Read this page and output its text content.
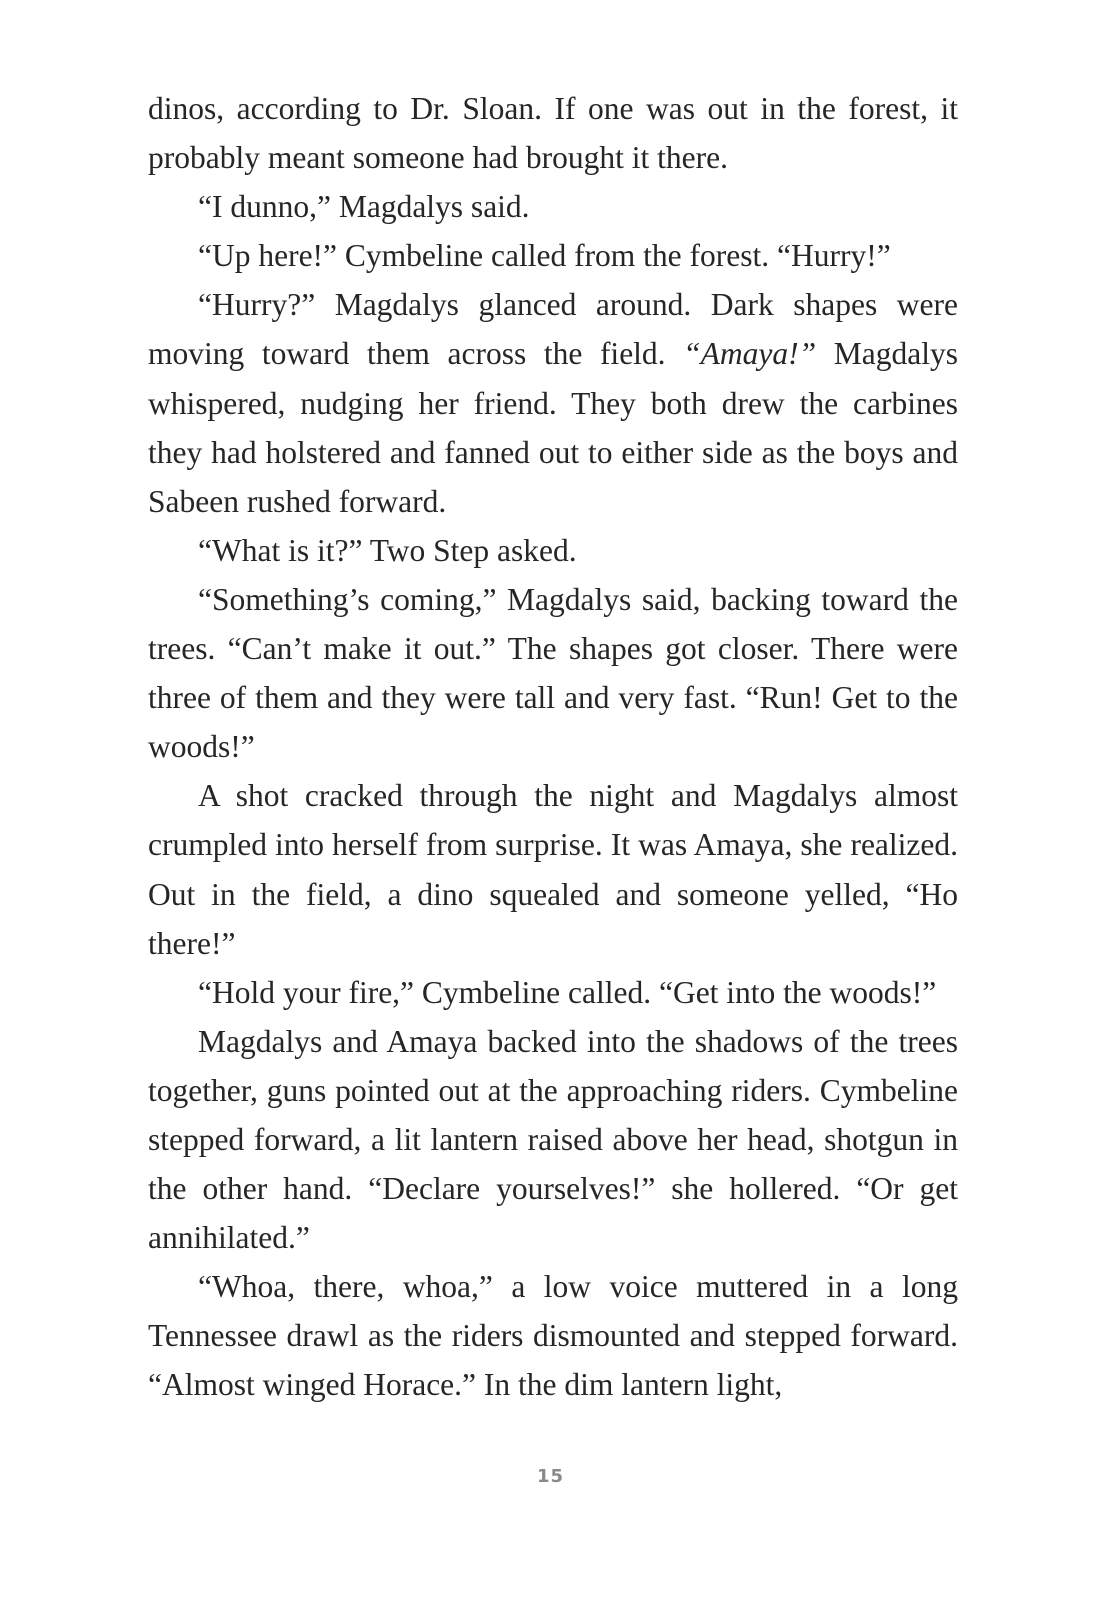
dinos, according to Dr. Sloan. If one was out in the forest, it probably meant someone had brought it there.

“I dunno,” Magdalys said.

“Up here!” Cymbeline called from the forest. “Hurry!”

“Hurry?” Magdalys glanced around. Dark shapes were moving toward them across the field. “Amaya!” Magdalys whispered, nudging her friend. They both drew the carbines they had holstered and fanned out to either side as the boys and Sabeen rushed forward.

“What is it?” Two Step asked.

“Something’s coming,” Magdalys said, backing toward the trees. “Can’t make it out.” The shapes got closer. There were three of them and they were tall and very fast. “Run! Get to the woods!”

A shot cracked through the night and Magdalys almost crumpled into herself from surprise. It was Amaya, she realized. Out in the field, a dino squealed and someone yelled, “Ho there!”

“Hold your fire,” Cymbeline called. “Get into the woods!”

Magdalys and Amaya backed into the shadows of the trees together, guns pointed out at the approaching riders. Cymbeline stepped forward, a lit lantern raised above her head, shotgun in the other hand. “Declare yourselves!” she hollered. “Or get annihilated.”

“Whoa, there, whoa,” a low voice muttered in a long Tennessee drawl as the riders dismounted and stepped forward. “Almost winged Horace.” In the dim lantern light,

15
